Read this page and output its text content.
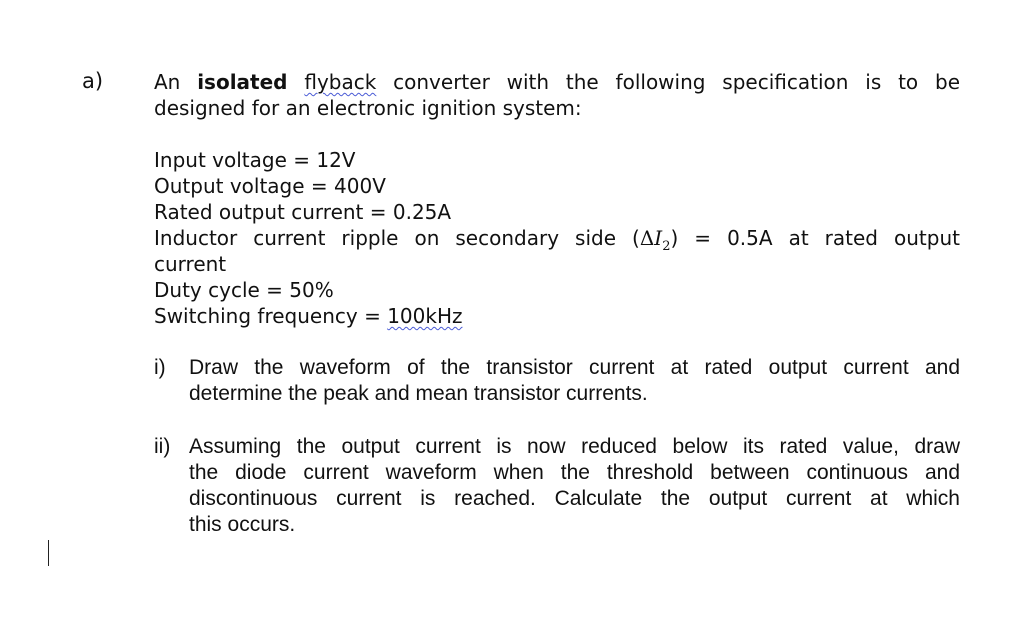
a)	An isolated flyback converter with the following specification is to be
designed for an electronic ignition system:
Input voltage = 12V
Output voltage = 400V
Rated output current = 0.25A
Inductor current ripple on secondary side $(\Delta I_2) = 0.5A$ at rated output
current
Duty cycle = 50%
Switching frequency = 100kHz
i) Draw the waveform of the transistor current at rated output current and
determine the peak and mean transistor currents.
ii) Assuming the output current is now reduced below its rated value, draw
the diode current waveform when the threshold between continuous and
discontinuous current is reached. Calculate the output current at which
this occurs.
